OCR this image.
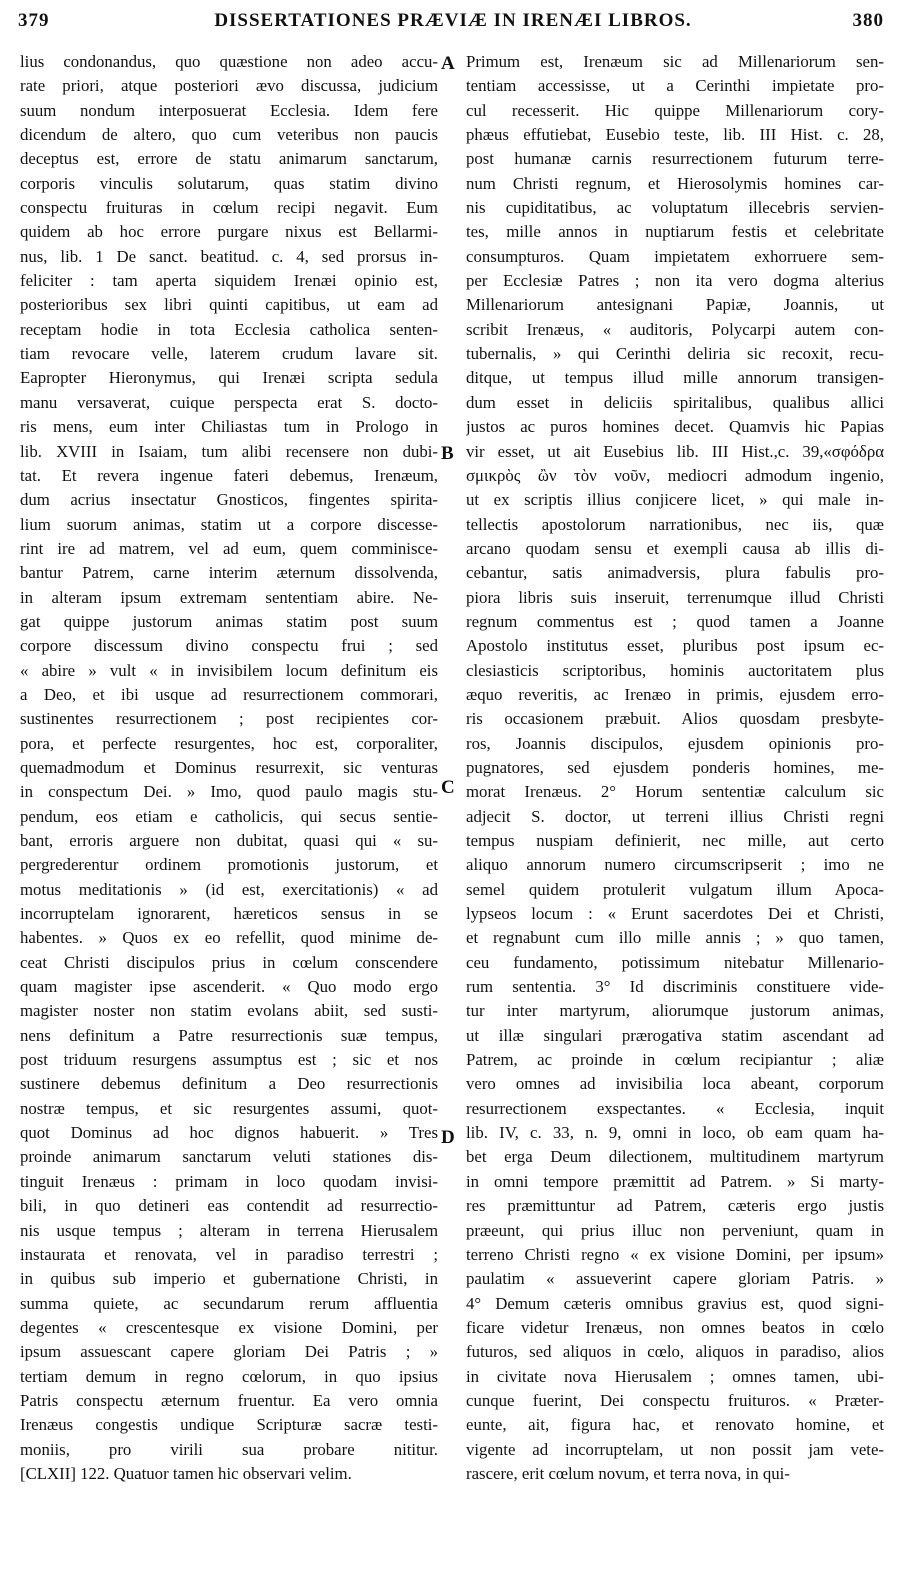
379	DISSERTATIONES PRÆVIÆ IN IRENÆI LIBROS.	380
A
B
C
D
lius condonandus, quo quæstione non adeo accu-
rate priori, atque posteriori ævo discussa, judicium
suum nondum interposuerat Ecclesia. Idem fere
dicendum de altero, quo cum veteribus non paucis
deceptus est, errore de statu animarum sanctarum,
corporis vinculis solutarum, quas statim divino
conspectu fruituras in cœlum recipi negavit. Eum
quidem ab hoc errore purgare nixus est Bellarmi-
nus, lib. 1 De sanct. beatitud. c. 4, sed prorsus in-
feliciter : tam aperta siquidem Irenæi opinio est,
posterioribus sex libri quinti capitibus, ut eam ad
receptam hodie in tota Ecclesia catholica senten-
tiam revocare velle, laterem crudum lavare sit.
Eapropter Hieronymus, qui Irenæi scripta sedula
manu versaverat, cuique perspecta erat S. docto-
ris mens, eum inter Chiliastas tum in Prologo in
lib. XVIII in Isaiam, tum alibi recensere non dubi-
tat. Et revera ingenue fateri debemus, Irenæum,
dum acrius insectatur Gnosticos, fingentes spirita-
lium suorum animas, statim ut a corpore discesse-
rint ire ad matrem, vel ad eum, quem comminisce-
bantur Patrem, carne interim æternum dissolvenda,
in alteram ipsum extremam sententiam abire. Ne-
gat quippe justorum animas statim post suum
corpore discessum divino conspectu frui ; sed
« abire » vult « in invisibilem locum definitum eis
a Deo, et ibi usque ad resurrectionem commorari,
sustinentes resurrectionem ; post recipientes cor-
pora, et perfecte resurgentes, hoc est, corporaliter,
quemadmodum et Dominus resurrexit, sic venturas
in conspectum Dei. » Imo, quod paulo magis stu-
pendum, eos etiam e catholicis, qui secus sentie-
bant, erroris arguere non dubitat, quasi qui « su-
pergrederentur ordinem promotionis justorum, et
motus meditationis » (id est, exercitationis) « ad
incorruptelam ignorarent, hæreticos sensus in se
habentes. » Quos ex eo refellit, quod minime de-
ceat Christi discipulos prius in cœlum conscendere
quam magister ipse ascenderit. « Quo modo ergo
magister noster non statim evolans abiit, sed susti-
nens definitum a Patre resurrectionis suæ tempus,
post triduum resurgens assumptus est ; sic et nos
sustinere debemus definitum a Deo resurrectionis
nostræ tempus, et sic resurgentes assumi, quot-
quot Dominus ad hoc dignos habuerit. » Tres
proinde animarum sanctarum veluti stationes dis-
tinguit Irenæus : primam in loco quodam invisi-
bili, in quo detineri eas contendit ad resurrectio-
nis usque tempus ; alteram in terrena Hierusalem
instaurata et renovata, vel in paradiso terrestri ;
in quibus sub imperio et gubernatione Christi, in
summa quiete, ac secundarum rerum affluentia
degentes « crescentesque ex visione Domini, per
ipsum assuescant capere gloriam Dei Patris ; »
tertiam demum in regno cœlorum, in quo ipsius
Patris conspectu æternum fruentur. Ea vero omnia
Irenæus congestis undique Scripturæ sacræ testi-
moniis, pro virili sua probare nititur.
[CLXII] 122. Quatuor tamen hic observari velim.
Primum est, Irenæum sic ad Millenariorum sen-
tentiam accessisse, ut a Cerinthi impietate pro-
cul recesserit. Hic quippe Millenariorum cory-
phæus effutiebat, Eusebio teste, lib. III Hist. c. 28,
post humanæ carnis resurrectionem futurum terre-
num Christi regnum, et Hierosolymis homines car-
nis cupiditatibus, ac voluptatum illecebris servien-
tes, mille annos in nuptiarum festis et celebritate
consumpturos. Quam impietatem exhorruere sem-
per Ecclesiæ Patres ; non ita vero dogma alterius
Millenariorum antesignani Papiæ, Joannis, ut
scribit Irenæus, « auditoris, Polycarpi autem con-
tubernalis, » qui Cerinthi deliria sic recoxit, recu-
ditque, ut tempus illud mille annorum transigen-
dum esset in deliciis spiritalibus, qualibus allici
justos ac puros homines decet. Quamvis hic Papias
vir esset, ut ait Eusebius lib. III Hist.,c. 39,«σφόδρα
σμικρὸς ὢν τὸν νοῦν, mediocri admodum ingenio,
ut ex scriptis illius conjicere licet, » qui male in-
tellectis apostolorum narrationibus, nec iis, quæ
arcano quodam sensu et exempli causa ab illis di-
cebantur, satis animadversis, plura fabulis pro-
piora libris suis inseruit, terrenumque illud Christi
regnum commentus est ; quod tamen a Joanne
Apostolo institutus esset, pluribus post ipsum ec-
clesiasticis scriptoribus, hominis auctoritatem plus
æquo reveritis, ac Irenæo in primis, ejusdem erro-
ris occasionem præbuit. Alios quosdam presbyte-
ros, Joannis discipulos, ejusdem opinionis pro-
pugnatores, sed ejusdem ponderis homines, me-
morat Irenæus. 2° Horum sententiæ calculum sic
adjecit S. doctor, ut terreni illius Christi regni
tempus nuspiam definierit, nec mille, aut certo
aliquo annorum numero circumscripserit ; imo ne
semel quidem protulerit vulgatum illum Apoca-
lypseos locum : « Erunt sacerdotes Dei et Christi,
et regnabunt cum illo mille annis ; » quo tamen,
ceu fundamento, potissimum nitebatur Millenario-
rum sententia. 3° Id discriminis constituere vide-
tur inter martyrum, aliorumque justorum animas,
ut illæ singulari prærogativa statim ascendant ad
Patrem, ac proinde in cœlum recipiantur ; aliæ
vero omnes ad invisibilia loca abeant, corporum
resurrectionem exspectantes. « Ecclesia, inquit
lib. IV, c. 33, n. 9, omni in loco, ob eam quam ha-
bet erga Deum dilectionem, multitudinem martyrum
in omni tempore præmittit ad Patrem. » Si marty-
res præmittuntur ad Patrem, cæteris ergo justis
præeunt, qui prius illuc non perveniunt, quam in
terreno Christi regno « ex visione Domini, per ipsum»
paulatim « assueverint capere gloriam Patris. »
4° Demum cæteris omnibus gravius est, quod signi-
ficare videtur Irenæus, non omnes beatos in cœlo
futuros, sed aliquos in cœlo, aliquos in paradiso, alios
in civitate nova Hierusalem ; omnes tamen, ubi-
cunque fuerint, Dei conspectu fruituros. « Præter-
eunte, ait, figura hac, et renovato homine, et
vigente ad incorruptelam, ut non possit jam vete-
rascere, erit cœlum novum, et terra nova, in qui-
